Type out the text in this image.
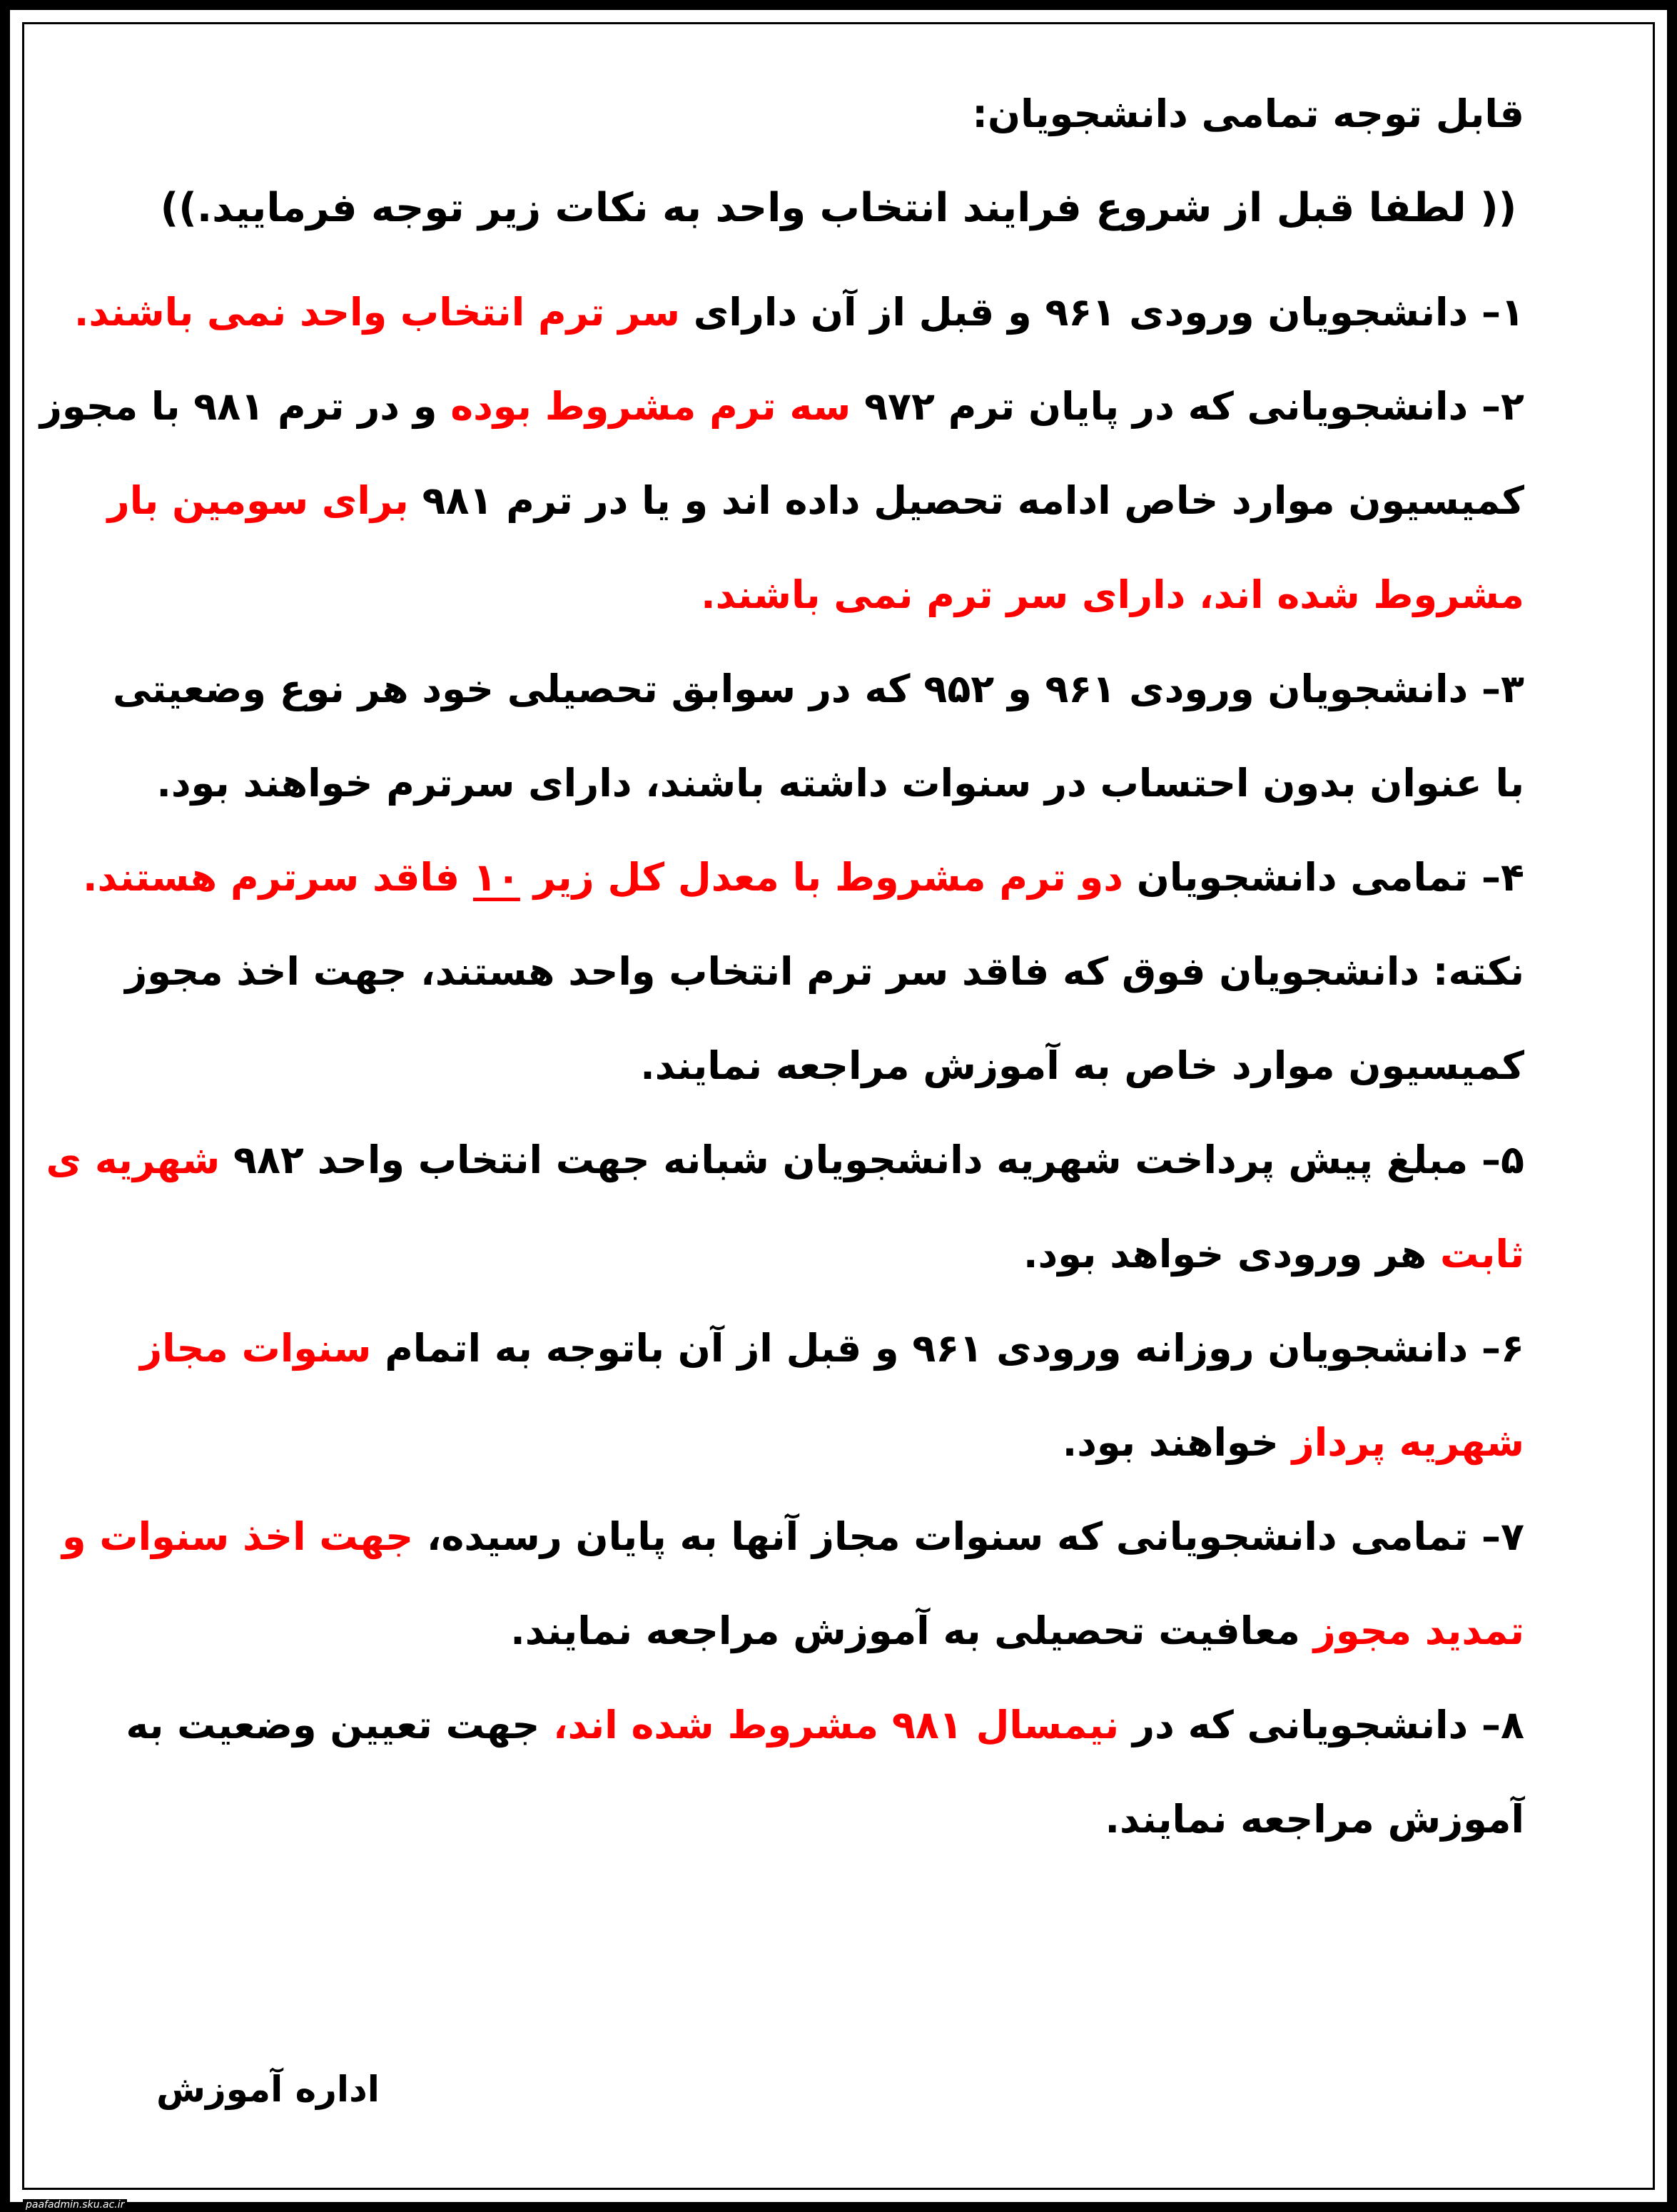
قابل توجه تمامی دانشجویان:
(( لطفا قبل از شروع فرایند انتخاب واحد به نکات زیر توجه فرمایید.))
۱– دانشجویان ورودی ۹۶۱ و قبل از آن دارای سر ترم انتخاب واحد نمی باشند.
۲– دانشجویانی که در پایان ترم ۹۷۲ سه ترم مشروط بوده و در ترم ۹۸۱ با مجوز
کمیسیون موارد خاص ادامه تحصیل داده اند و یا در ترم ۹۸۱ برای سومین بار
مشروط شده اند، دارای سر ترم نمی باشند.
۳– دانشجویان ورودی ۹۶۱ و ۹۵۲ که در سوابق تحصیلی خود هر نوع وضعیتی
با عنوان بدون احتساب در سنوات داشته باشند، دارای سرترم خواهند بود.
۴– تمامی دانشجویان دو ترم مشروط با معدل کل زیر ۱۰ فاقد سرترم هستند.
نکته: دانشجویان فوق که فاقد سر ترم انتخاب واحد هستند، جهت اخذ مجوز
کمیسیون موارد خاص به آموزش مراجعه نمایند.
۵– مبلغ پیش پرداخت شهریه دانشجویان شبانه جهت انتخاب واحد ۹۸۲ شهریه ی
ثابت هر ورودی خواهد بود.
۶– دانشجویان روزانه ورودی ۹۶۱ و قبل از آن باتوجه به اتمام سنوات مجاز
شهریه پرداز خواهند بود.
۷– تمامی دانشجویانی که سنوات مجاز آنها به پایان رسیده، جهت اخذ سنوات و
تمدید مجوز معافیت تحصیلی به آموزش مراجعه نمایند.
۸– دانشجویانی که در نیمسال ۹۸۱ مشروط شده اند، جهت تعیین وضعیت به
آموزش مراجعه نمایند.
اداره آموزش
paafadmin.sku.ac.ir
